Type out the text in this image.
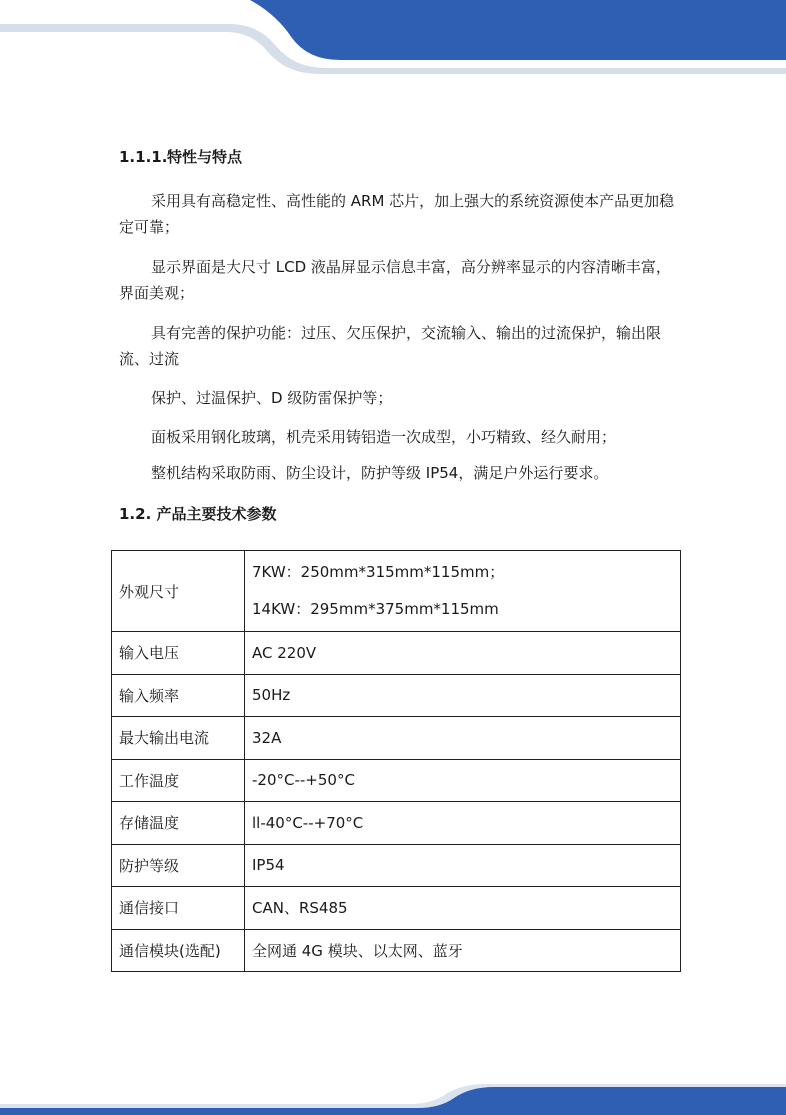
1.1.1.特性与特点

采用具有高稳定性、高性能的 ARM 芯片，加上强大的系统资源使本产品更加稳定可靠；

显示界面是大尺寸 LCD 液晶屏显示信息丰富，高分辨率显示的内容清晰丰富，界面美观；

具有完善的保护功能：过压、欠压保护，交流输入、输出的过流保护，输出限流、过流

保护、过温保护、D 级防雷保护等；

面板采用钢化玻璃，机壳采用铸铝造一次成型，小巧精致、经久耐用；

整机结构采取防雨、防尘设计，防护等级 IP54，满足户外运行要求。

1.2. 产品主要技术参数
外观尺寸	7KW：250mm*315mm*115mm；
14KW：295mm*375mm*115mm

输入电压	AC 220V
输入频率	50Hz
最大输出电流	32A
工作温度	-20°C--+50°C
存储温度	ll-40°C--+70°C
防护等级	IP54
通信接口	CAN、RS485
通信模块(选配)	全网通 4G 模块、以太网、蓝牙
